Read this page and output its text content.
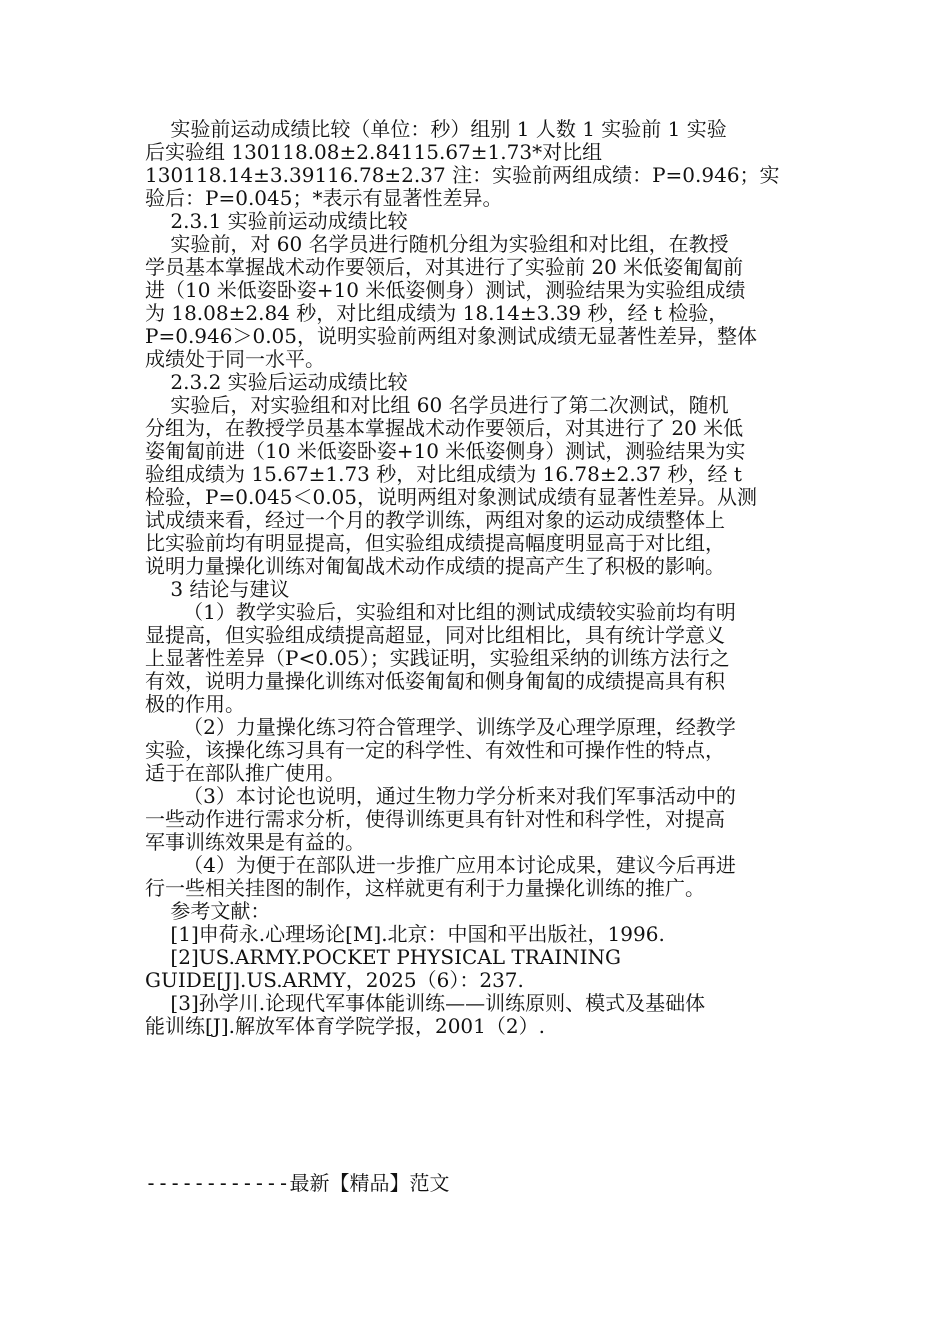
实验前运动成绩比较（单位：秒）组别 1 人数 1 实验前 1 实验
后实验组 130118.08±2.84115.67±1.73*对比组
130118.14±3.39116.78±2.37 注：实验前两组成绩：P=0.946；实
验后：P=0.045；*表示有显著性差异。
2.3.1 实验前运动成绩比较
实验前，对 60 名学员进行随机分组为实验组和对比组，在教授
学员基本掌握战术动作要领后，对其进行了实验前 20 米低姿匍匐前
进（10 米低姿卧姿+10 米低姿侧身）测试，测验结果为实验组成绩
为 18.08±2.84 秒，对比组成绩为 18.14±3.39 秒，经 t 检验，
P=0.946＞0.05，说明实验前两组对象测试成绩无显著性差异，整体
成绩处于同一水平。
2.3.2 实验后运动成绩比较
实验后，对实验组和对比组 60 名学员进行了第二次测试，随机
分组为，在教授学员基本掌握战术动作要领后，对其进行了 20 米低
姿匍匐前进（10 米低姿卧姿+10 米低姿侧身）测试，测验结果为实
验组成绩为 15.67±1.73 秒，对比组成绩为 16.78±2.37 秒，经 t
检验，P=0.045＜0.05，说明两组对象测试成绩有显著性差异。从测
试成绩来看，经过一个月的教学训练，两组对象的运动成绩整体上
比实验前均有明显提高，但实验组成绩提高幅度明显高于对比组，
说明力量操化训练对匍匐战术动作成绩的提高产生了积极的影响。
3 结论与建议
（1）教学实验后，实验组和对比组的测试成绩较实验前均有明
显提高，但实验组成绩提高超显，同对比组相比，具有统计学意义
上显著性差异（P<0.05）；实践证明，实验组采纳的训练方法行之
有效，说明力量操化训练对低姿匍匐和侧身匍匐的成绩提高具有积
极的作用。
（2）力量操化练习符合管理学、训练学及心理学原理，经教学
实验，该操化练习具有一定的科学性、有效性和可操作性的特点，
适于在部队推广使用。
（3）本讨论也说明，通过生物力学分析来对我们军事活动中的
一些动作进行需求分析，使得训练更具有针对性和科学性，对提高
军事训练效果是有益的。
（4）为便于在部队进一步推广应用本讨论成果，建议今后再进
行一些相关挂图的制作，这样就更有利于力量操化训练的推广。
参考文献：
[1]申荷永.心理场论[M].北京：中国和平出版社，1996.
[2]US.ARMY.POCKET PHYSICAL TRAINING
GUIDE[J].US.ARMY，2025（6）：237.
[3]孙学川.论现代军事体能训练——训练原则、模式及基础体
能训练[J].解放军体育学院学报，2001（2）.
------------最新【精品】范文
